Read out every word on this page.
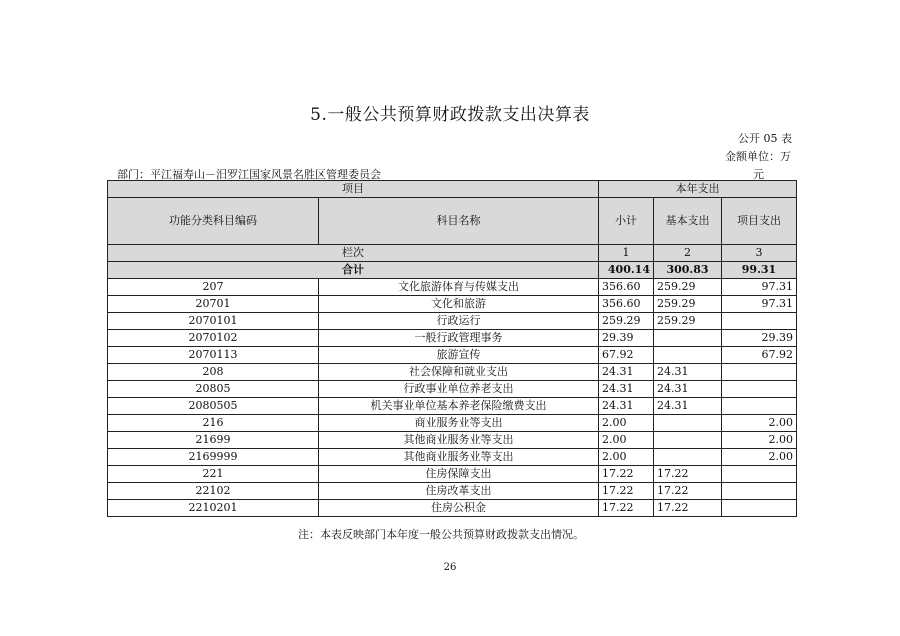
5.一般公共预算财政拨款支出决算表
公开 05 表
金额单位：万
元
部门：平江福寿山－汨罗江国家风景名胜区管理委员会
项目		本年支出		
功能分类科目编码	科目名称	小计	基本支出	项目支出
栏次		1	2	3
合计		400.14	300.83	99.31
207	文化旅游体育与传媒支出	356.60	259.29	97.31
20701	文化和旅游	356.60	259.29	97.31
2070101	行政运行	259.29	259.29	
2070102	一般行政管理事务	29.39		29.39
2070113	旅游宣传	67.92		67.92
208	社会保障和就业支出	24.31	24.31	
20805	行政事业单位养老支出	24.31	24.31	
2080505	机关事业单位基本养老保险缴费支出	24.31	24.31	
216	商业服务业等支出	2.00		2.00
21699	其他商业服务业等支出	2.00		2.00
2169999	其他商业服务业等支出	2.00		2.00
221	住房保障支出	17.22	17.22	
22102	住房改革支出	17.22	17.22	
2210201	住房公积金	17.22	17.22	
注：本表反映部门本年度一般公共预算财政拨款支出情况。
26
